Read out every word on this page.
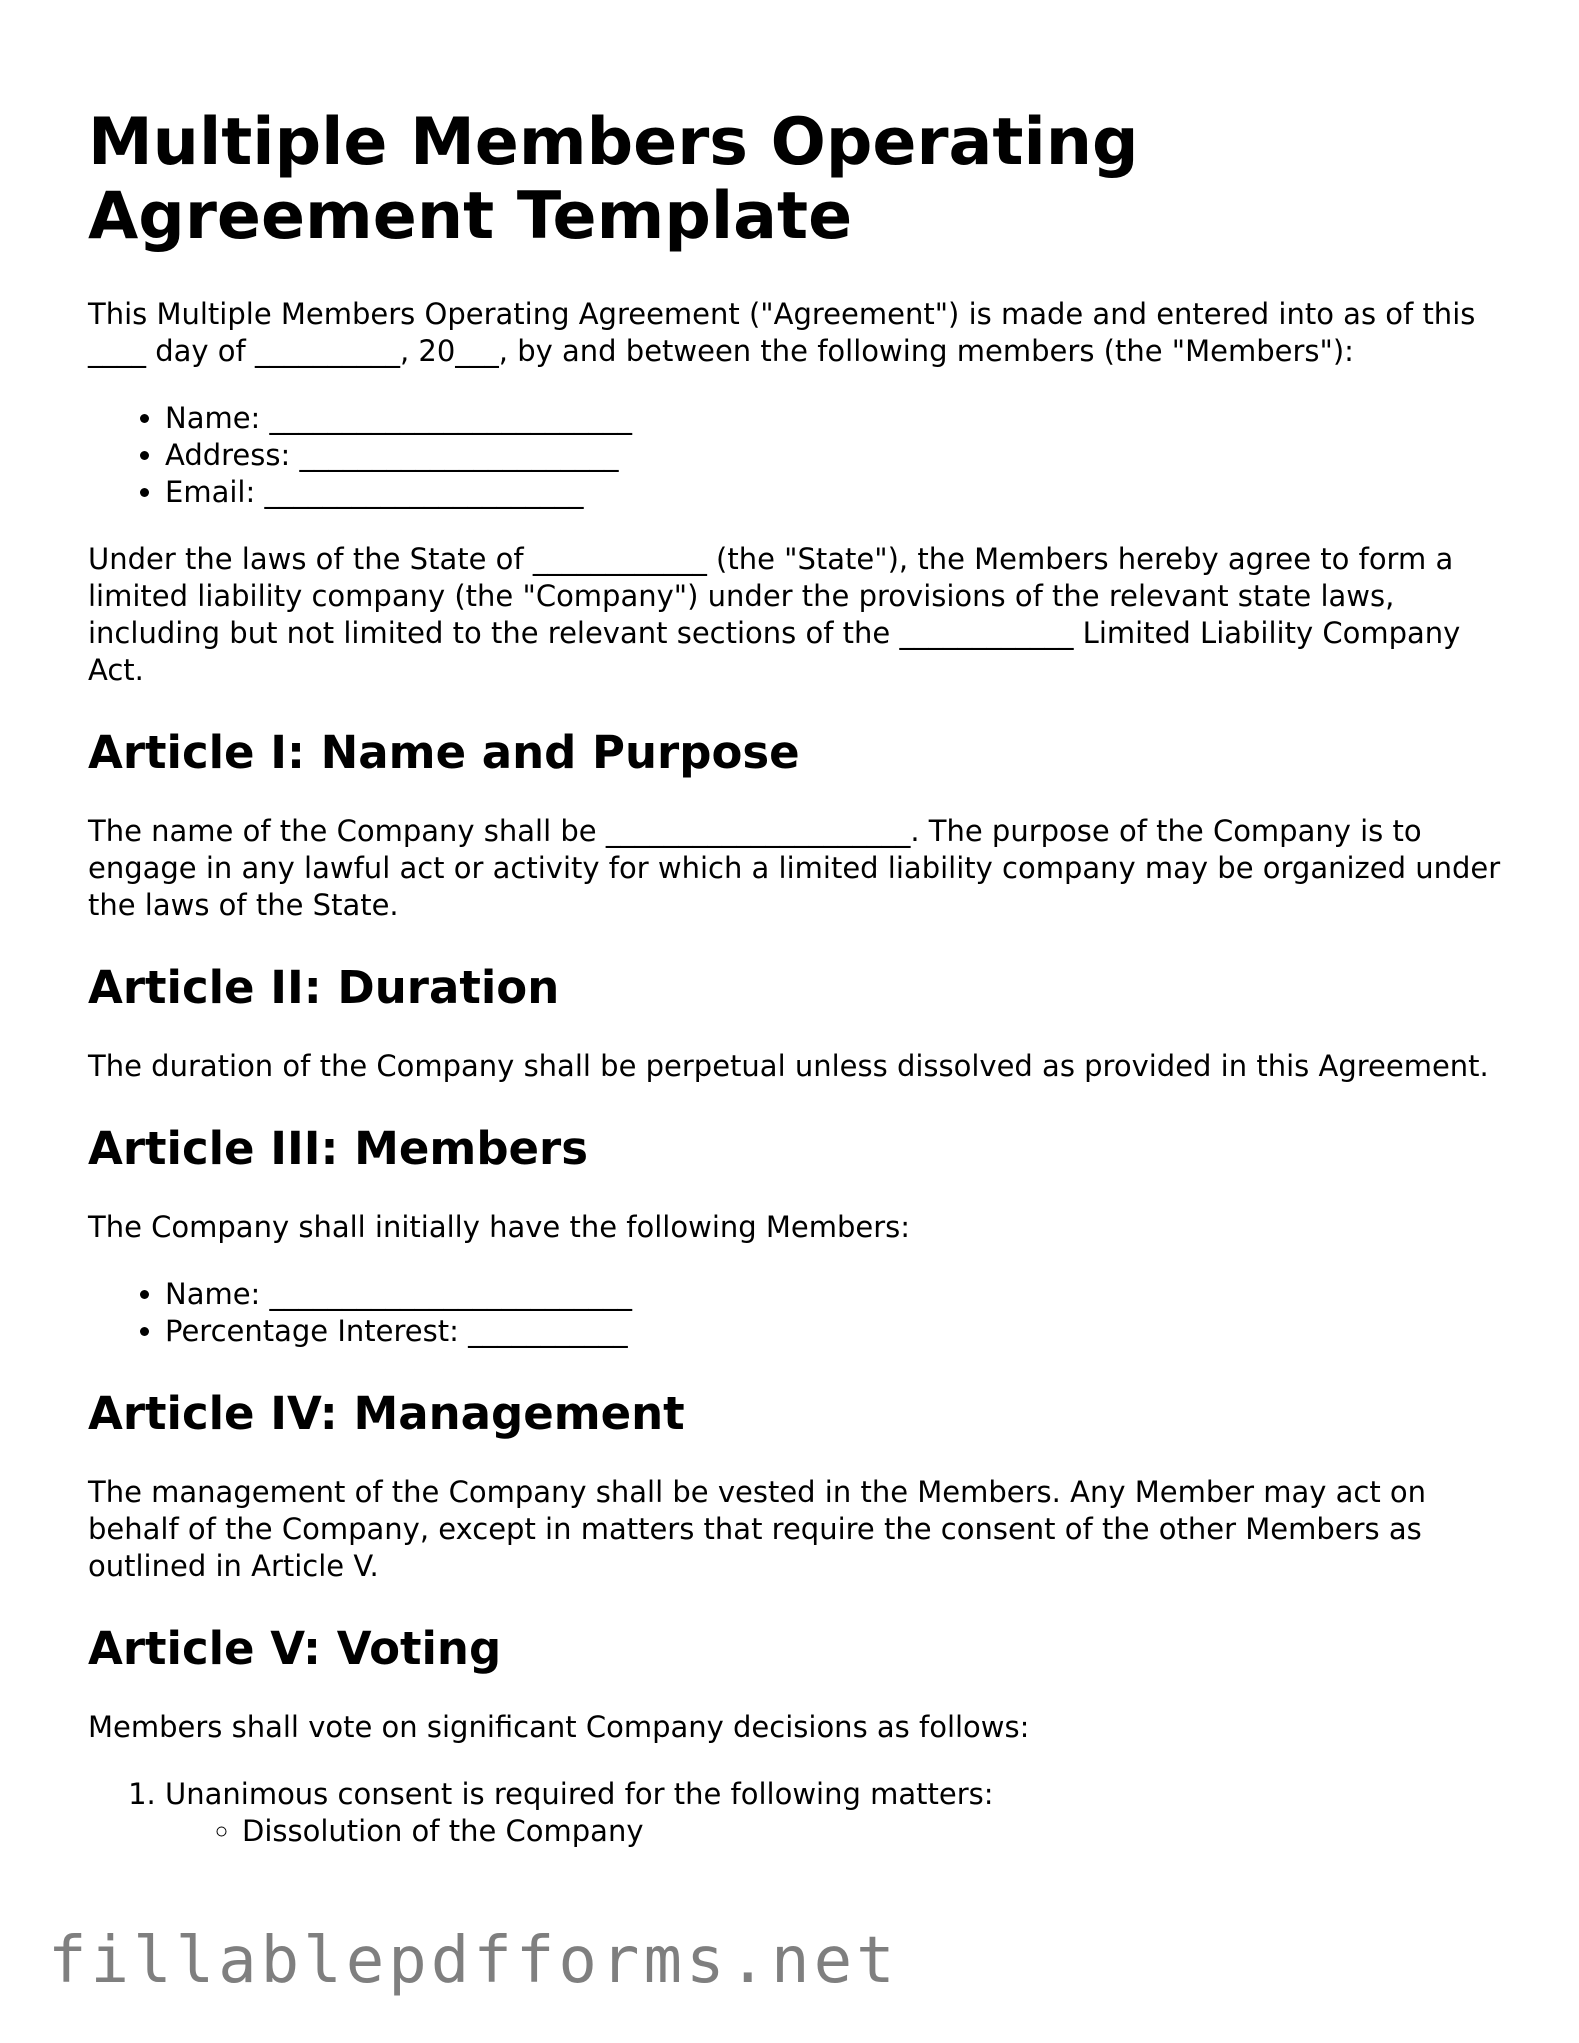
Multiple Members Operating Agreement Template

This Multiple Members Operating Agreement ("Agreement") is made and entered into as of this ____ day of __________, 20___, by and between the following members (the "Members"):

• Name: _________________________
• Address: ______________________
• Email: ______________________

Under the laws of the State of ____________ (the "State"), the Members hereby agree to form a limited liability company (the "Company") under the provisions of the relevant state laws, including but not limited to the relevant sections of the ____________ Limited Liability Company Act.

Article I: Name and Purpose

The name of the Company shall be _____________________. The purpose of the Company is to engage in any lawful act or activity for which a limited liability company may be organized under the laws of the State.

Article II: Duration

The duration of the Company shall be perpetual unless dissolved as provided in this Agreement.

Article III: Members

The Company shall initially have the following Members:

• Name: _________________________
• Percentage Interest: ___________
Article IV: Management

The management of the Company shall be vested in the Members. Any Member may act on behalf of the Company, except in matters that require the consent of the other Members as outlined in Article V.

Article V: Voting

Members shall vote on significant Company decisions as follows:

1. Unanimous consent is required for the following matters:
◦ Dissolution of the Company
fillablepdfforms.net
